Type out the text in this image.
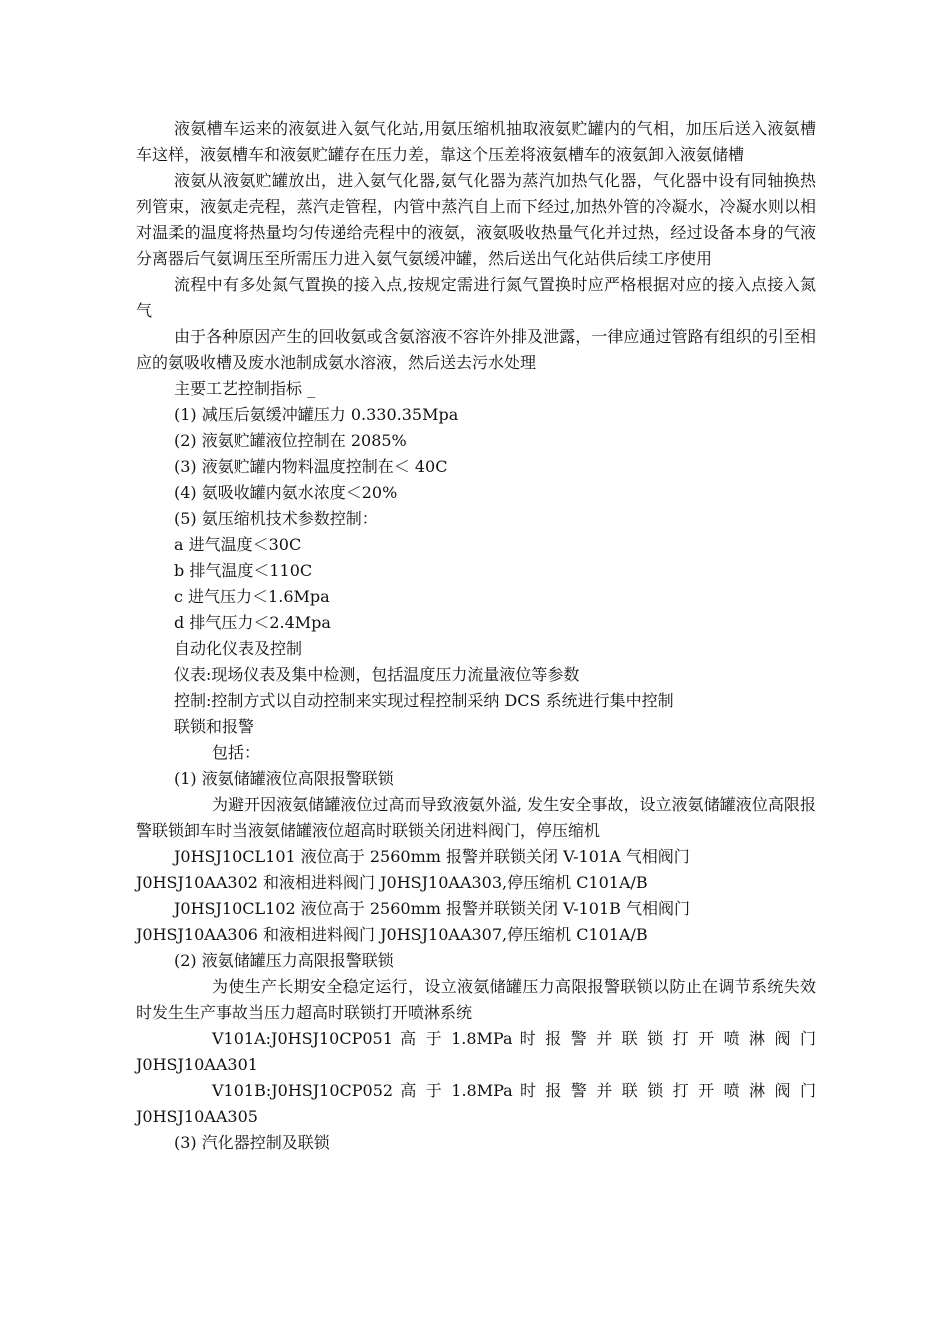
液氨槽车运来的液氨进入氨气化站,用氨压缩机抽取液氨贮罐内的气相，加压后送入液氨槽车这样，液氨槽车和液氨贮罐存在压力差，靠这个压差将液氨槽车的液氨卸入液氨储槽

液氨从液氨贮罐放出，进入氨气化器,氨气化器为蒸汽加热气化器，气化器中设有同轴换热列管束，液氨走壳程，蒸汽走管程，内管中蒸汽自上而下经过,加热外管的冷凝水，冷凝水则以相对温柔的温度将热量均匀传递给壳程中的液氨，液氨吸收热量气化并过热，经过设备本身的气液分离器后气氨调压至所需压力进入氨气氨缓冲罐，然后送出气化站供后续工序使用

流程中有多处氮气置换的接入点,按规定需进行氮气置换时应严格根据对应的接入点接入氮气

由于各种原因产生的回收氨或含氨溶液不容许外排及泄露，一律应通过管路有组织的引至相应的氨吸收槽及废水池制成氨水溶液，然后送去污水处理

主要工艺控制指标 _

(1) 减压后氨缓冲罐压力 0.330.35Mpa

(2) 液氨贮罐液位控制在 2085%

(3) 液氨贮罐内物料温度控制在＜ 40C

(4) 氨吸收罐内氨水浓度＜20%

(5) 氨压缩机技术参数控制：

a 进气温度＜30C

b 排气温度＜110C

c 进气压力＜1.6Mpa

d 排气压力＜2.4Mpa

自动化仪表及控制

仪表:现场仪表及集中检测，包括温度压力流量液位等参数

控制:控制方式以自动控制来实现过程控制采纳 DCS 系统进行集中控制

联锁和报警

包括：

(1) 液氨储罐液位高限报警联锁

为避开因液氨储罐液位过高而导致液氨外溢, 发生安全事故，设立液氨储罐液位高限报警联锁卸车时当液氨储罐液位超高时联锁关闭进料阀门，停压缩机

J0HSJ10CL101 液位高于 2560mm 报警并联锁关闭 V-101A 气相阀门

J0HSJ10AA302 和液相进料阀门 J0HSJ10AA303,停压缩机 C101A/B

J0HSJ10CL102 液位高于 2560mm 报警并联锁关闭 V-101B 气相阀门

J0HSJ10AA306 和液相进料阀门 J0HSJ10AA307,停压缩机 C101A/B

(2) 液氨储罐压力高限报警联锁

为使生产长期安全稳定运行，设立液氨储罐压力高限报警联锁以防止在调节系统失效时发生生产事故当压力超高时联锁打开喷淋系统

V101A:J0HSJ10CP051 高 于 1.8MPa 时 报 警 并 联 锁 打 开 喷 淋 阀 门

J0HSJ10AA301

V101B:J0HSJ10CP052 高 于 1.8MPa 时 报 警 并 联 锁 打 开 喷 淋 阀 门

J0HSJ10AA305

(3) 汽化器控制及联锁
